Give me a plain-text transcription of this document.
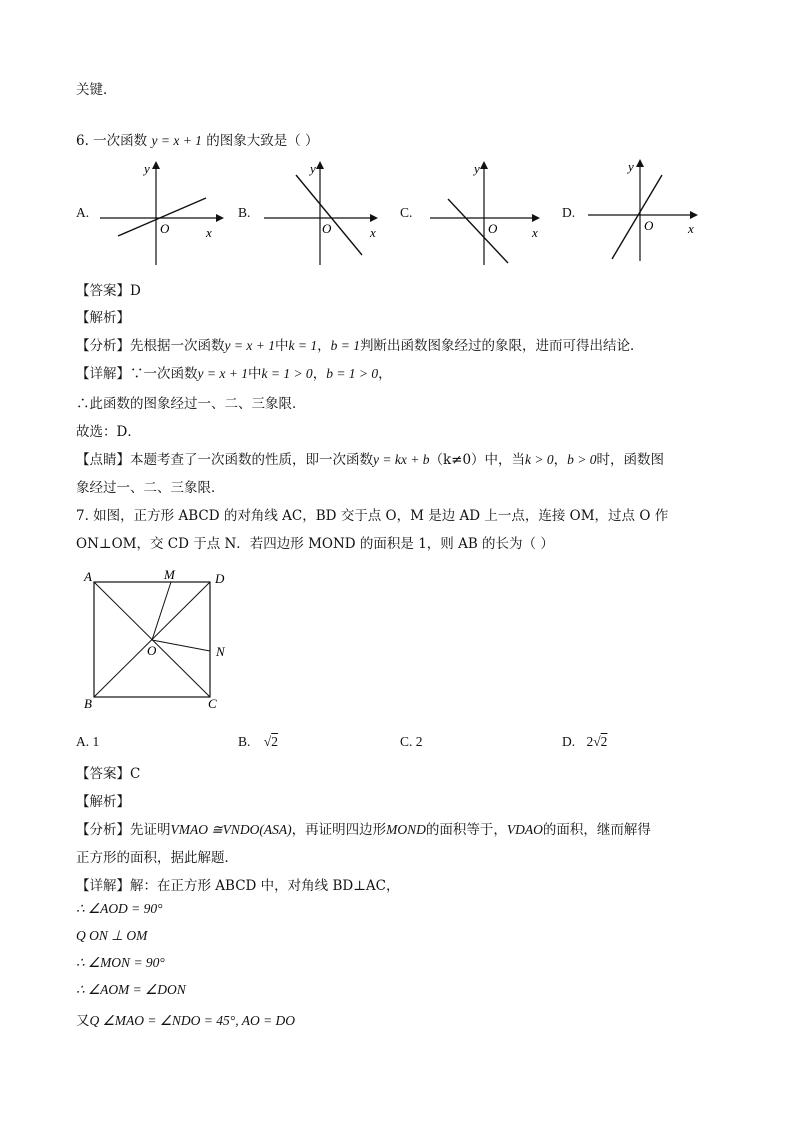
关键．
6. 一次函数 y = x + 1 的图象大致是（ ）
A.
y
x
O
B.
y
x
O
C.
y
x
O
D.
y
x
O
【答案】D
【解析】
【分析】先根据一次函数y = x + 1中k = 1，b = 1判断出函数图象经过的象限，进而可得出结论．
【详解】∵一次函数y = x + 1中k = 1 > 0，b = 1 > 0，
∴此函数的图象经过一、二、三象限．
故选：D．
【点睛】本题考查了一次函数的性质，即一次函数y = kx + b（k≠0）中，当k > 0，b > 0时，函数图
象经过一、二、三象限．
7. 如图，正方形 ABCD 的对角线 AC，BD 交于点 O，M 是边 AD 上一点，连接 OM，过点 O 作
ON⊥OM，交 CD 于点 N．若四边形 MOND 的面积是 1，则 AB 的长为（ ）
A	M	D
O	N
B	C
A. 1	B. √2	C. 2	D. 2√2
【答案】C
【解析】
【分析】先证明VMAO ≅VNDO(ASA)，再证明四边形MOND的面积等于，VDAO的面积，继而解得
正方形的面积，据此解题．
【详解】解：在正方形 ABCD 中，对角线 BD⊥AC，
∴ ∠AOD = 90°
Q ON ⊥ OM
∴ ∠MON = 90°
∴ ∠AOM = ∠DON
又Q ∠MAO = ∠NDO = 45°, AO = DO
